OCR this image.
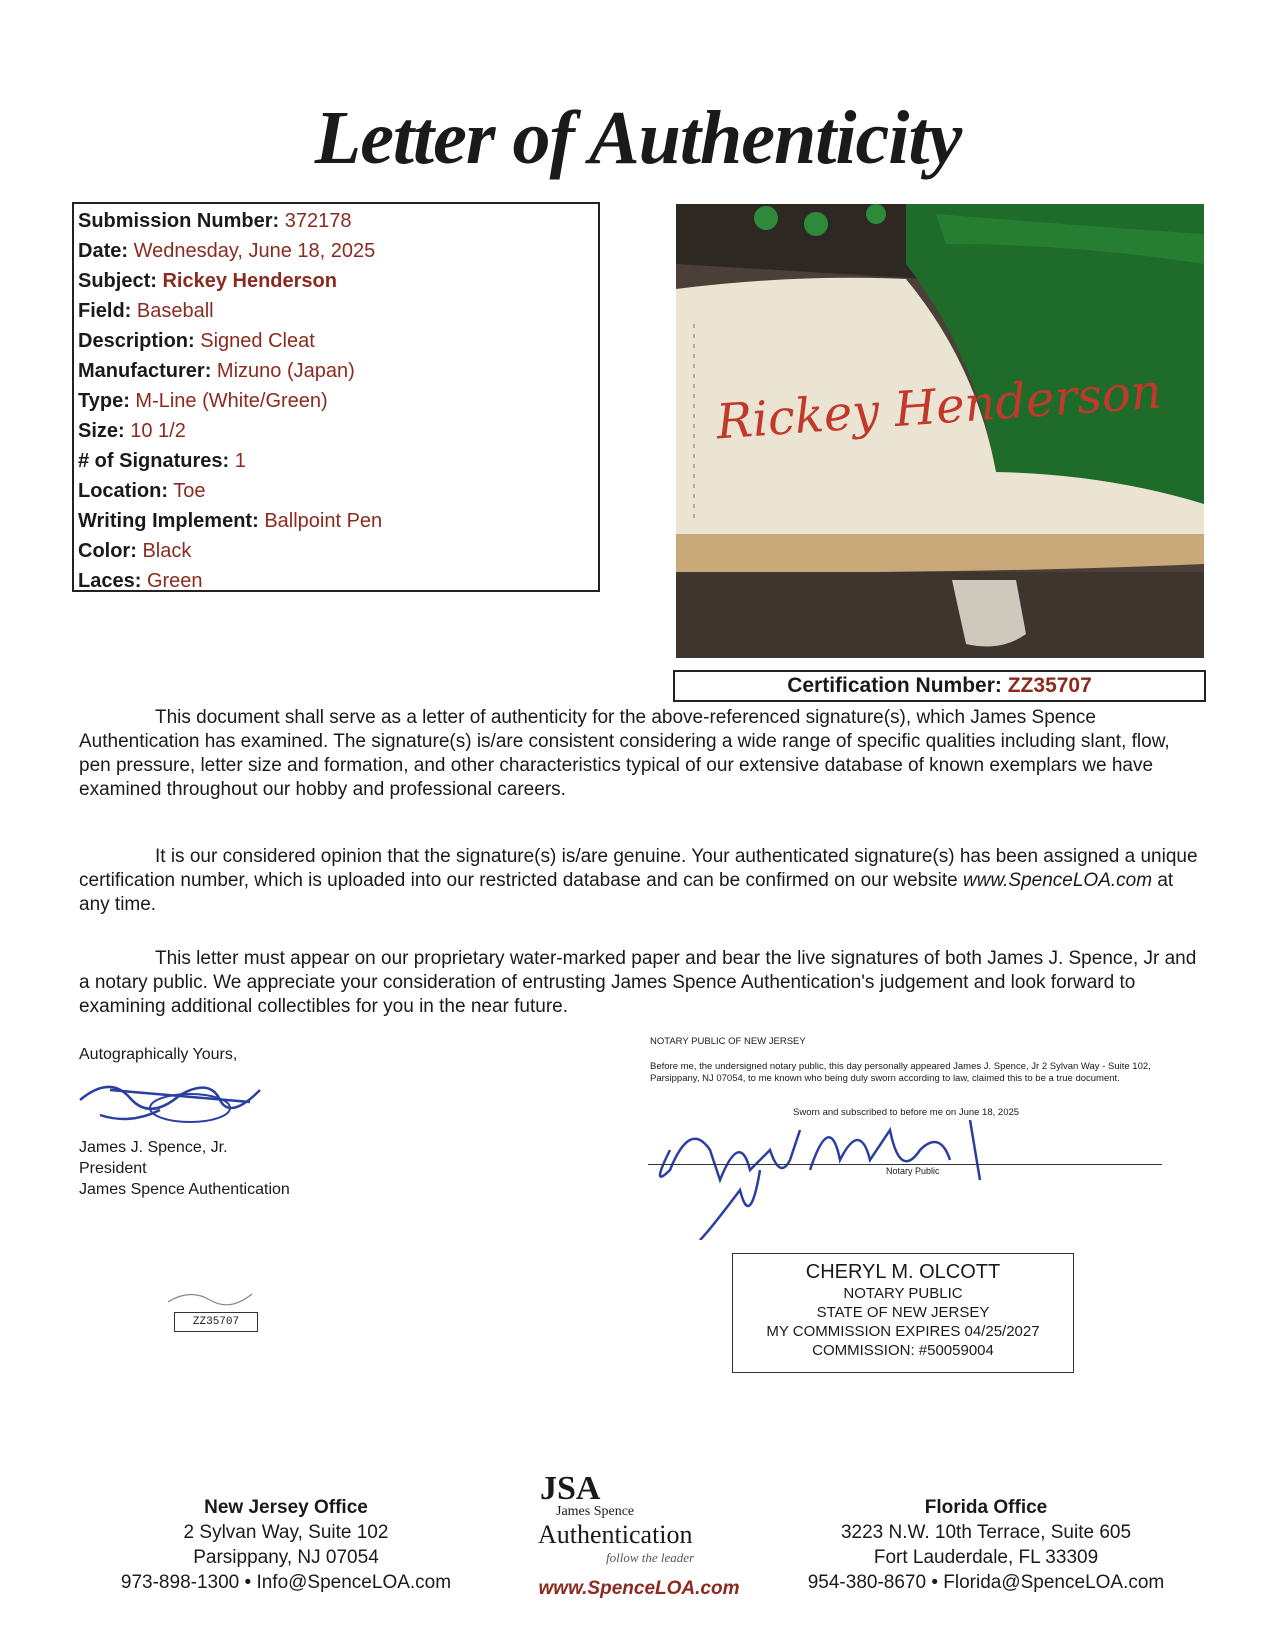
Letter of Authenticity
Submission Number: 372178
Date: Wednesday, June 18, 2025
Subject: Rickey Henderson
Field: Baseball
Description: Signed Cleat
Manufacturer: Mizuno (Japan)
Type: M-Line (White/Green)
Size: 10 1/2
# of Signatures: 1
Location: Toe
Writing Implement: Ballpoint Pen
Color: Black
Laces: Green
Rickey Henderson
Certification Number: ZZ35707
This document shall serve as a letter of authenticity for the above-referenced signature(s), which James Spence Authentication has examined. The signature(s) is/are consistent considering a wide range of specific qualities including slant, flow, pen pressure, letter size and formation, and other characteristics typical of our extensive database of known exemplars we have examined throughout our hobby and professional careers.
It is our considered opinion that the signature(s) is/are genuine. Your authenticated signature(s) has been assigned a unique certification number, which is uploaded into our restricted database and can be confirmed on our website www.SpenceLOA.com at any time.
This letter must appear on our proprietary water-marked paper and bear the live signatures of both James J. Spence, Jr and a notary public. We appreciate your consideration of entrusting James Spence Authentication's judgement and look forward to examining additional collectibles for you in the near future.
Autographically Yours,
James J. Spence, Jr.
President
James Spence Authentication
ZZ35707
NOTARY PUBLIC OF NEW JERSEY
Before me, the undersigned notary public, this day personally appeared James J. Spence, Jr 2 Sylvan Way - Suite 102, Parsippany, NJ 07054, to me known who being duly sworn according to law, claimed this to be a true document.
Sworn and subscribed to before me on June 18, 2025
Notary Public
CHERYL M. OLCOTT
NOTARY PUBLIC
STATE OF NEW JERSEY
MY COMMISSION EXPIRES 04/25/2027
COMMISSION: #50059004
New Jersey Office
2 Sylvan Way, Suite 102
Parsippany, NJ 07054
973-898-1300 • Info@SpenceLOA.com
JSA
James Spence
Authentication
follow the leader
www.SpenceLOA.com
Florida Office
3223 N.W. 10th Terrace, Suite 605
Fort Lauderdale, FL 33309
954-380-8670 • Florida@SpenceLOA.com
